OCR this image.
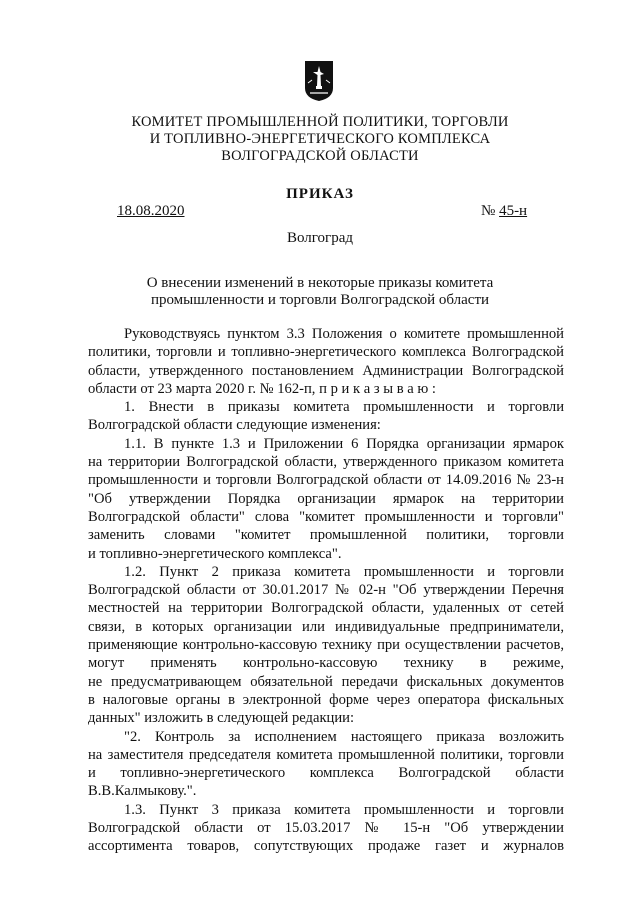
КОМИТЕТ ПРОМЫШЛЕННОЙ ПОЛИТИКИ, ТОРГОВЛИ
И ТОПЛИВНО-ЭНЕРГЕТИЧЕСКОГО КОМПЛЕКСА
ВОЛГОГРАДСКОЙ ОБЛАСТИ
ПРИКАЗ
18.08.2020	№ 45-н
Волгоград
О внесении изменений в некоторые приказы комитета
промышленности и торговли Волгоградской области
Руководствуясь пунктом 3.3 Положения о комитете промышленной
политики, торговли и топливно-энергетического комплекса Волгоградской
области, утвержденного постановлением Администрации Волгоградской
области от 23 марта 2020 г. № 162-п, п р и к а з ы в а ю :
1. Внести в приказы комитета промышленности и торговли
Волгоградской области следующие изменения:
1.1. В пункте 1.3 и Приложении 6 Порядка организации ярмарок
на территории Волгоградской области, утвержденного приказом комитета
промышленности и торговли Волгоградской области от 14.09.2016 № 23-н
"Об утверждении Порядка организации ярмарок на территории
Волгоградской области" слова "комитет промышленности и торговли"
заменить словами "комитет промышленной политики, торговли
и топливно-энергетического комплекса".
1.2. Пункт 2 приказа комитета промышленности и торговли
Волгоградской области от 30.01.2017 № 02-н "Об утверждении Перечня
местностей на территории Волгоградской области, удаленных от сетей
связи, в которых организации или индивидуальные предприниматели,
применяющие контрольно-кассовую технику при осуществлении расчетов,
могут применять контрольно-кассовую технику в режиме,
не предусматривающем обязательной передачи фискальных документов
в налоговые органы в электронной форме через оператора фискальных
данных" изложить в следующей редакции:
"2. Контроль за исполнением настоящего приказа возложить
на заместителя председателя комитета промышленной политики, торговли
и топливно-энергетического комплекса Волгоградской области
В.В.Калмыкову.".
1.3. Пункт 3 приказа комитета промышленности и торговли
Волгоградской области от 15.03.2017 № 15-н "Об утверждении
ассортимента товаров, сопутствующих продаже газет и журналов
